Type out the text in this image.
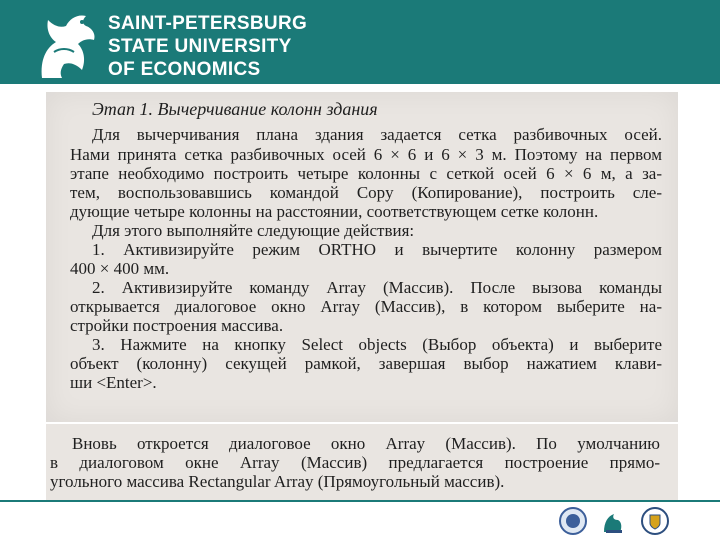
SAINT-PETERSBURG
STATE UNIVERSITY
OF ECONOMICS
Этап 1. Вычерчивание колонн здания
Для вычерчивания плана здания задается сетка разбивочных осей.
Нами принята сетка разбивочных осей 6 × 6 и 6 × 3 м. Поэтому на первом
этапе необходимо построить четыре колонны с сеткой осей 6 × 6 м, а за-
тем, воспользовавшись командой Copy (Копирование), построить сле-
дующие четыре колонны на расстоянии, соответствующем сетке колонн.
Для этого выполняйте следующие действия:
1. Активизируйте режим ORTHO и вычертите колонну размером
400 × 400 мм.
2. Активизируйте команду Array (Массив). После вызова команды
открывается диалоговое окно Array (Массив), в котором выберите на-
стройки построения массива.
3. Нажмите на кнопку Select objects (Выбор объекта) и выберите
объект (колонну) секущей рамкой, завершая выбор нажатием клави-
ши <Enter>.
Вновь откроется диалоговое окно Array (Массив). По умолчанию
в диалоговом окне Array (Массив) предлагается построение прямо-
угольного массива Rectangular Array (Прямоугольный массив).
